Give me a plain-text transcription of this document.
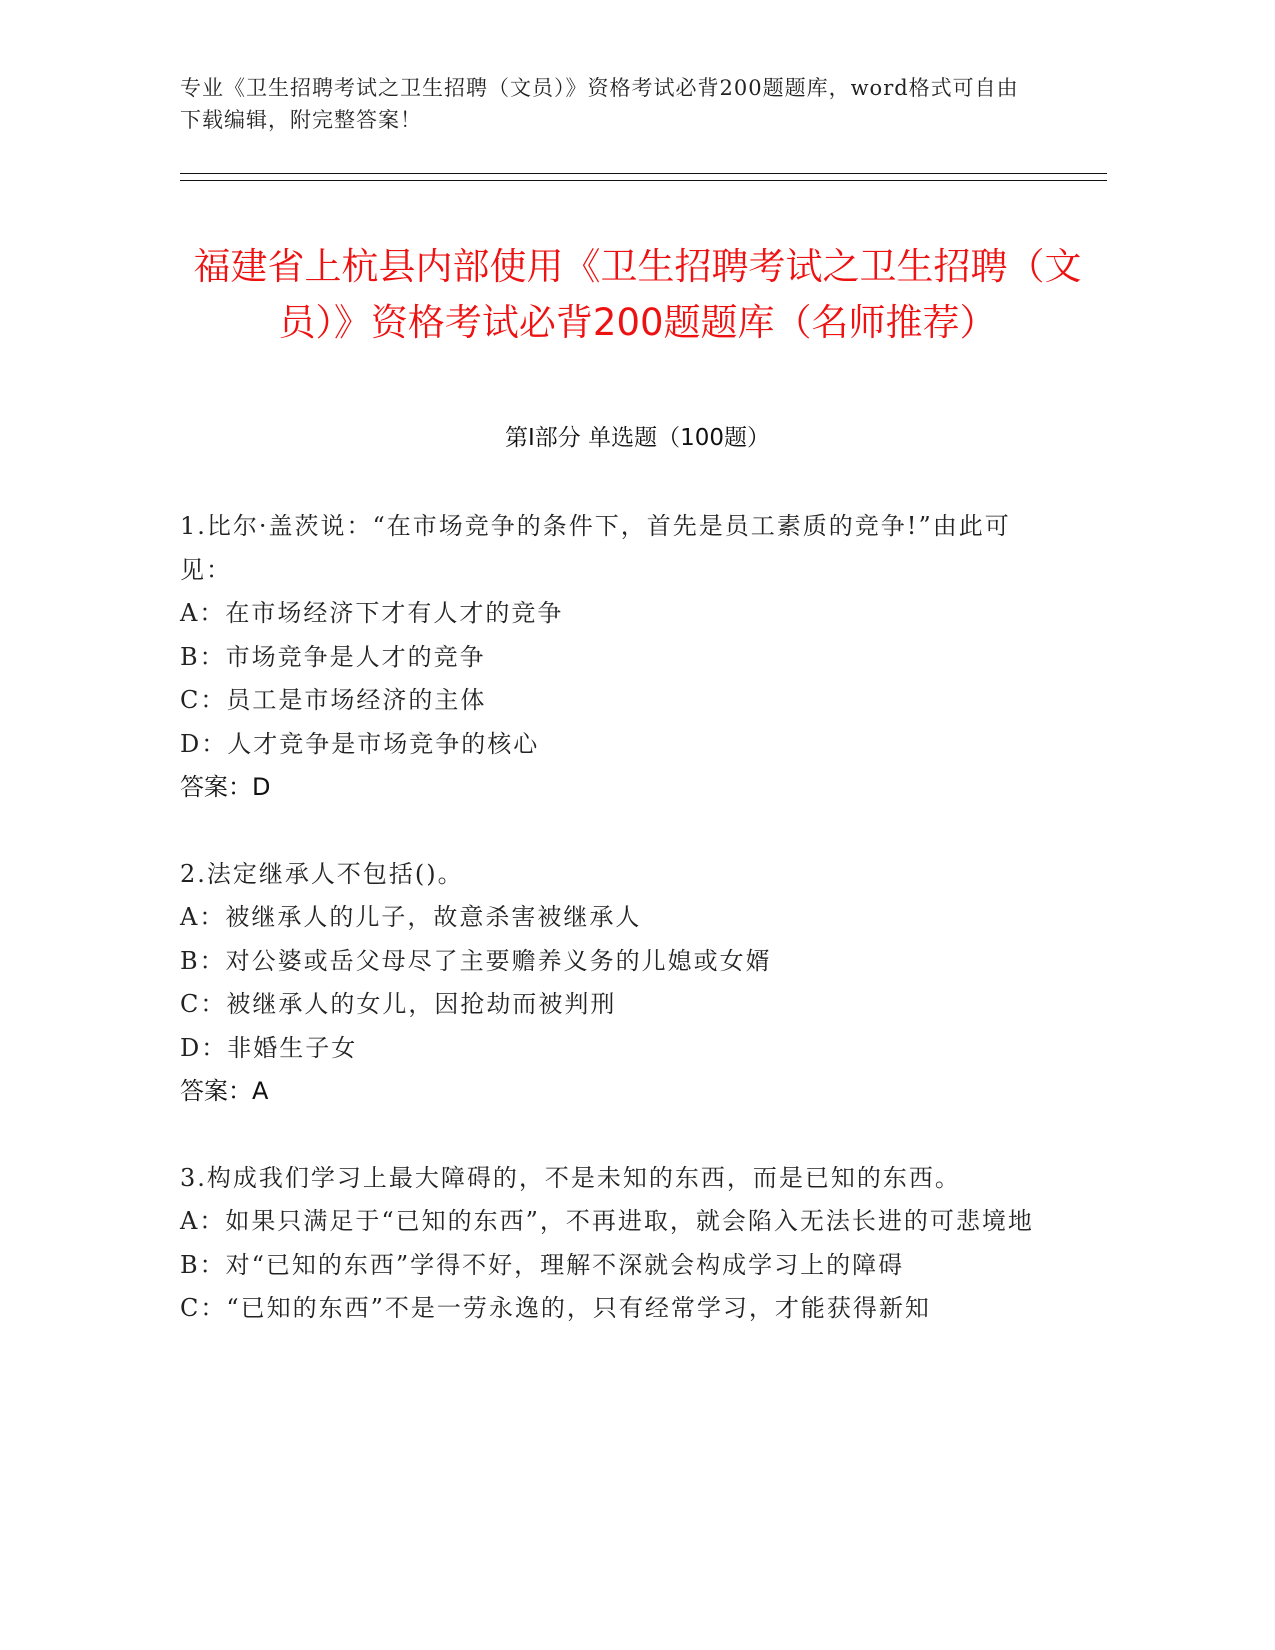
专业《卫生招聘考试之卫生招聘（文员）》资格考试必背200题题库，word格式可自由下载编辑，附完整答案！
福建省上杭县内部使用《卫生招聘考试之卫生招聘（文员）》资格考试必背200题题库（名师推荐）
第Ⅰ部分 单选题（100题）

1.比尔·盖茨说：“在市场竞争的条件下，首先是员工素质的竞争!”由此可见：

A：在市场经济下才有人才的竞争

B：市场竞争是人才的竞争

C：员工是市场经济的主体

D：人才竞争是市场竞争的核心

答案：D

2.法定继承人不包括()。

A：被继承人的儿子，故意杀害被继承人

B：对公婆或岳父母尽了主要赡养义务的儿媳或女婿

C：被继承人的女儿，因抢劫而被判刑

D：非婚生子女

答案：A

3.构成我们学习上最大障碍的，不是未知的东西，而是已知的东西。

A：如果只满足于“已知的东西”，不再进取，就会陷入无法长进的可悲境地

B：对“已知的东西”学得不好，理解不深就会构成学习上的障碍

C：“已知的东西”不是一劳永逸的，只有经常学习，才能获得新知
